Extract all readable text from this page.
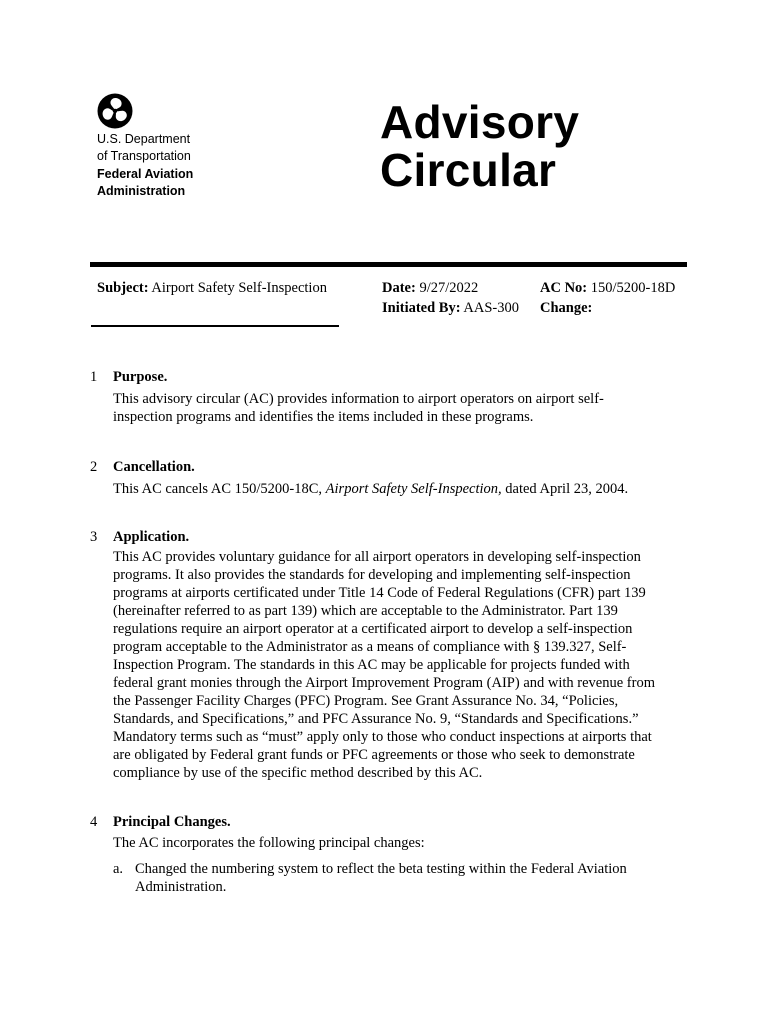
U.S. Department
of Transportation
Federal Aviation
Administration
Advisory
Circular
Subject: Airport Safety Self-Inspection	Date: 9/27/2022
Initiated By: AAS-300
AC No: 150/5200-18D
Change:
1 Purpose.

This advisory circular (AC) provides information to airport operators on airport self-

inspection programs and identifies the items included in these programs.

2 Cancellation.

This AC cancels AC 150/5200-18C, Airport Safety Self-Inspection, dated April 23, 2004.

3 Application.

This AC provides voluntary guidance for all airport operators in developing self-inspection

programs. It also provides the standards for developing and implementing self-inspection

programs at airports certificated under Title 14 Code of Federal Regulations (CFR) part 139

(hereinafter referred to as part 139) which are acceptable to the Administrator. Part 139

regulations require an airport operator at a certificated airport to develop a self-inspection

program acceptable to the Administrator as a means of compliance with § 139.327, Self-

Inspection Program. The standards in this AC may be applicable for projects funded with

federal grant monies through the Airport Improvement Program (AIP) and with revenue from

the Passenger Facility Charges (PFC) Program. See Grant Assurance No. 34, “Policies,

Standards, and Specifications,” and PFC Assurance No. 9, “Standards and Specifications.”

Mandatory terms such as “must” apply only to those who conduct inspections at airports that

are obligated by Federal grant funds or PFC agreements or those who seek to demonstrate

compliance by use of the specific method described by this AC.

4 Principal Changes.

The AC incorporates the following principal changes:

a. Changed the numbering system to reflect the beta testing within the Federal Aviation

Administration.
